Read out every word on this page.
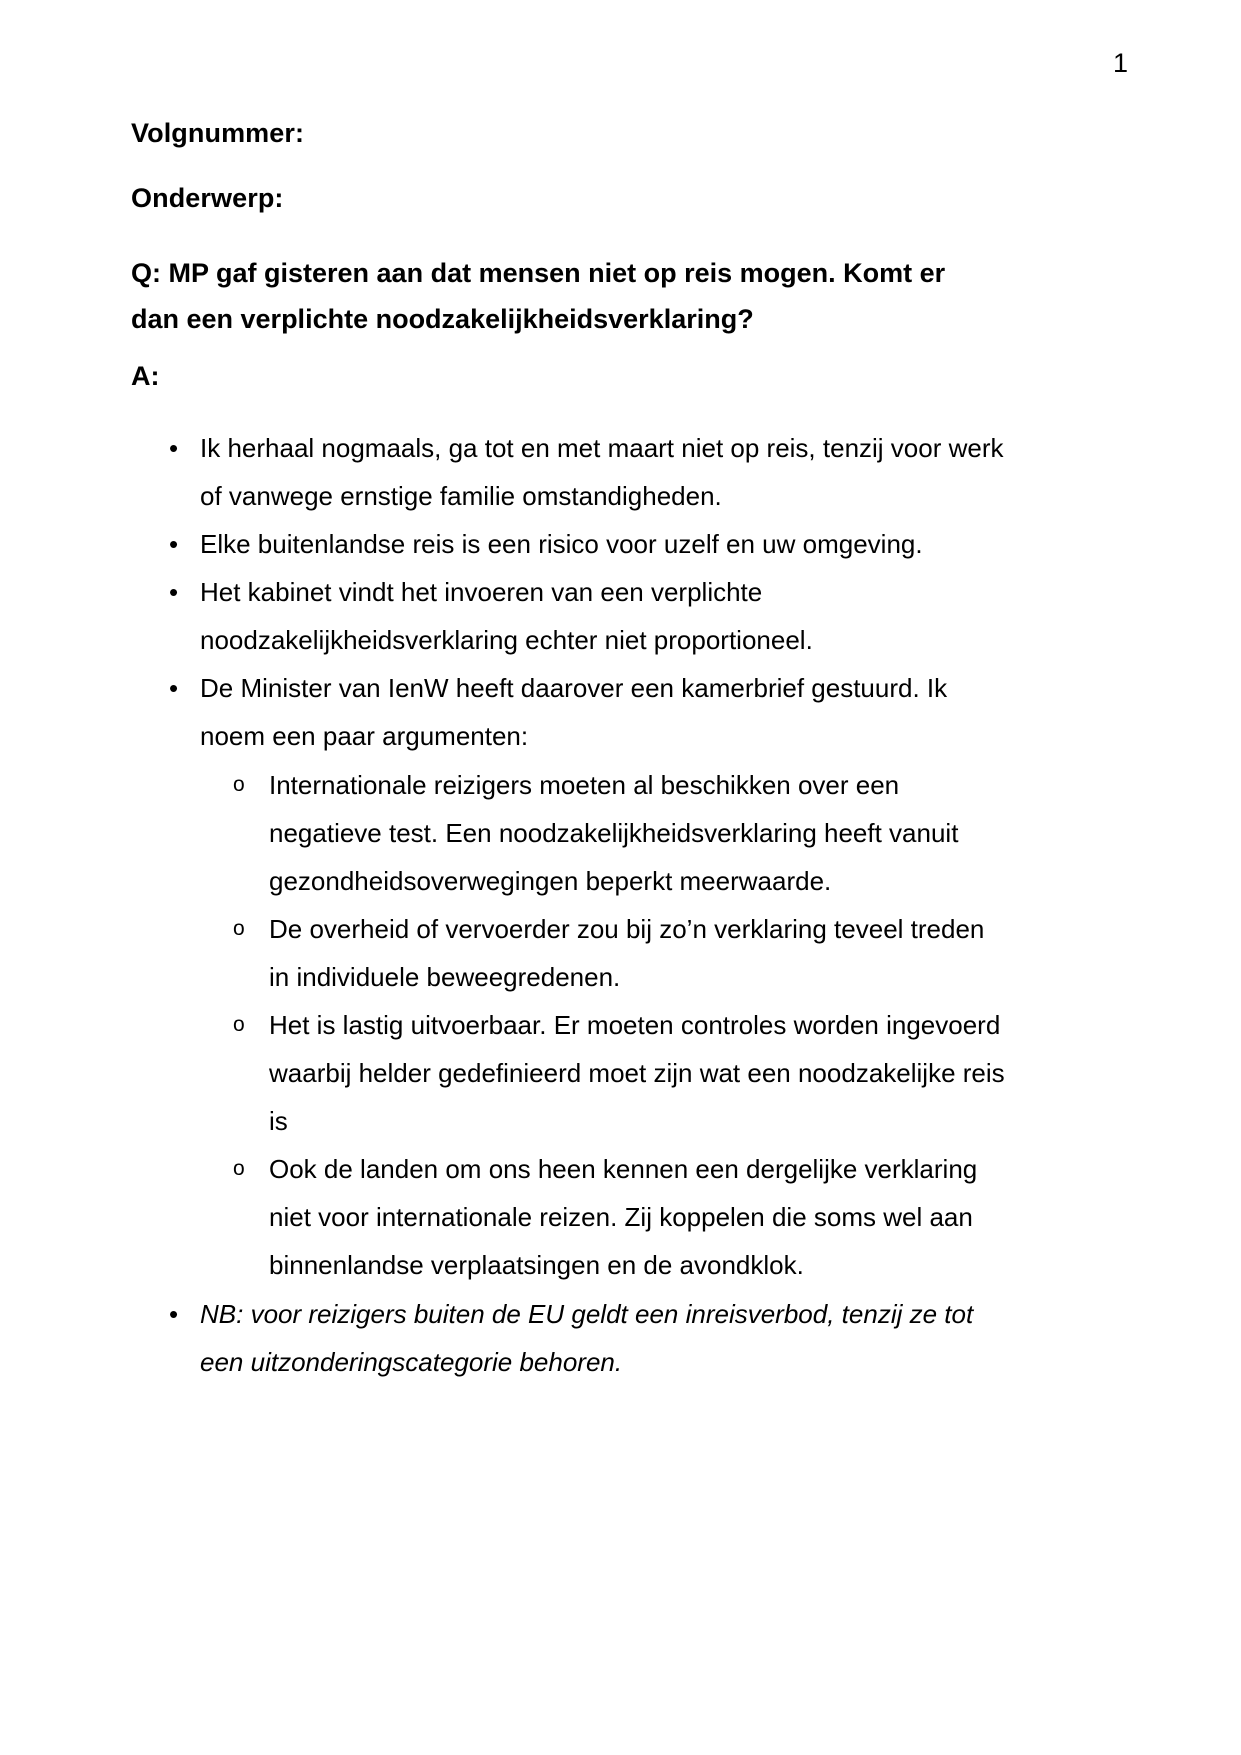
1
Volgnummer:
Onderwerp:
Q: MP gaf gisteren aan dat mensen niet op reis mogen. Komt er dan een verplichte noodzakelijkheidsverklaring?
A:
• Ik herhaal nogmaals, ga tot en met maart niet op reis, tenzij voor werk of vanwege ernstige familie omstandigheden.
• Elke buitenlandse reis is een risico voor uzelf en uw omgeving.
• Het kabinet vindt het invoeren van een verplichte noodzakelijkheidsverklaring echter niet proportioneel.
• De Minister van IenW heeft daarover een kamerbrief gestuurd. Ik noem een paar argumenten:
o Internationale reizigers moeten al beschikken over een negatieve test. Een noodzakelijkheidsverklaring heeft vanuit gezondheidsoverwegingen beperkt meerwaarde.
o De overheid of vervoerder zou bij zo’n verklaring teveel treden in individuele beweegredenen.
o Het is lastig uitvoerbaar. Er moeten controles worden ingevoerd waarbij helder gedefinieerd moet zijn wat een noodzakelijke reis is
o Ook de landen om ons heen kennen een dergelijke verklaring niet voor internationale reizen. Zij koppelen die soms wel aan binnenlandse verplaatsingen en de avondklok.
• NB: voor reizigers buiten de EU geldt een inreisverbod, tenzij ze tot een uitzonderingscategorie behoren.
